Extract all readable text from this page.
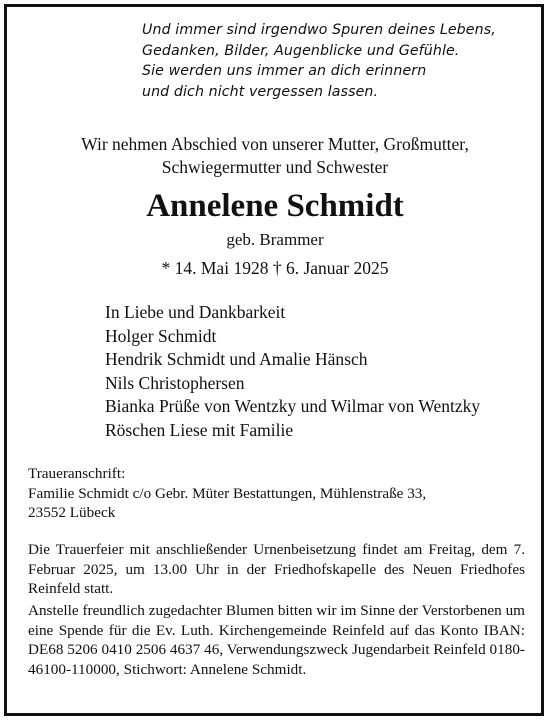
Und immer sind irgendwo Spuren deines Lebens,
Gedanken, Bilder, Augenblicke und Gefühle.
Sie werden uns immer an dich erinnern
und dich nicht vergessen lassen.
Wir nehmen Abschied von unserer Mutter, Großmutter,
Schwiegermutter und Schwester
Annelene Schmidt
geb. Brammer
* 14. Mai 1928 † 6. Januar 2025
In Liebe und Dankbarkeit
Holger Schmidt
Hendrik Schmidt und Amalie Hänsch
Nils Christophersen
Bianka Prüße von Wentzky und Wilmar von Wentzky
Röschen Liese mit Familie
Traueranschrift:
Familie Schmidt c/o Gebr. Müter Bestattungen, Mühlenstraße 33,
23552 Lübeck
Die Trauerfeier mit anschließender Urnenbeisetzung findet am Freitag, dem 7. Februar 2025, um 13.00 Uhr in der Friedhofskapelle des Neuen Friedhofes Reinfeld statt.
Anstelle freundlich zugedachter Blumen bitten wir im Sinne der Verstorbenen um eine Spende für die Ev. Luth. Kirchengemeinde Reinfeld auf das Konto IBAN: DE68 5206 0410 2506 4637 46, Verwendungszweck Jugendarbeit Reinfeld 0180-46100-110000, Stichwort: Annelene Schmidt.
